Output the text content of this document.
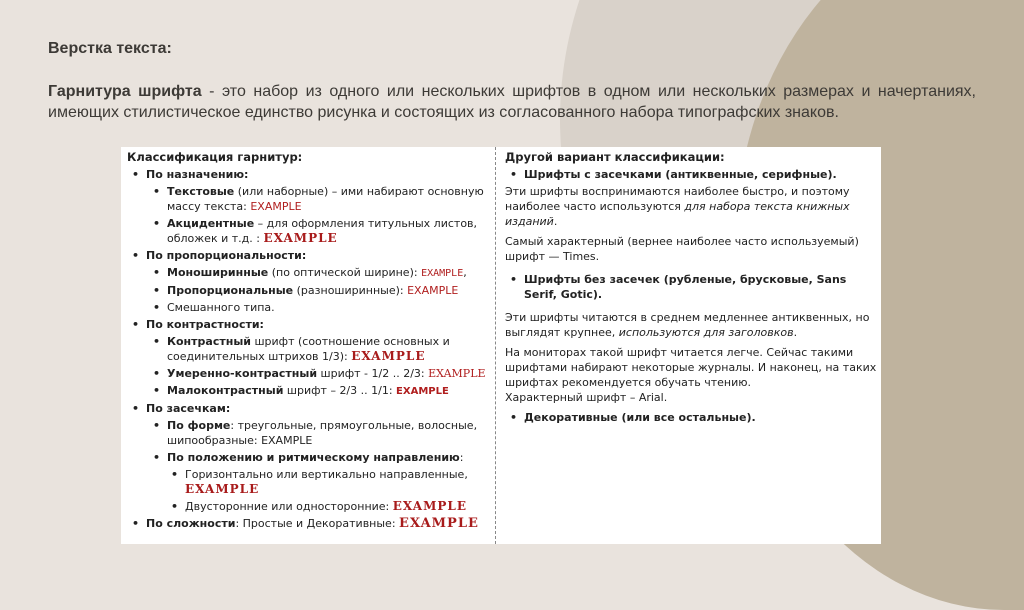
Верстка текста:
Гарнитура шрифта - это набор из одного или нескольких шрифтов в одном или нескольких размерах и начертаниях, имеющих стилистическое единство рисунка и состоящих из согласованного набора типографских знаков.
Классификация гарнитур:
• По назначению:
• Текстовые (или наборные) – ими набирают основную массу текста: EXAMPLE
• Акцидентные – для оформления титульных листов, обложек и т.д. : EXAMPLE
• По пропорциональности:
• Моноширинные (по оптической ширине): EXAMPLE,
• Пропорциональные (разноширинные): EXAMPLE
• Смешанного типа.
• По контрастности:
• Контрастный шрифт (соотношение основных и соединительных штрихов 1/3): EXAMPLE
• Умеренно-контрастный шрифт - 1/2 .. 2/3: EXAMPLE
• Малоконтрастный шрифт – 2/3 .. 1/1: EXAMPLE
• По засечкам:
• По форме: треугольные, прямоугольные, волосные, шипообразные: EXAMPLE
• По положению и ритмическому направлению:
• Горизонтально или вертикально направленные, EXAMPLE
• Двусторонние или односторонние: EXAMPLE
• По сложности: Простые и Декоративные: EXAMPLE
Другой вариант классификации:
• Шрифты с засечками (антиквенные, серифные).
Эти шрифты воспринимаются наиболее быстро, и поэтому наиболее часто используются для набора текста книжных изданий.
Самый характерный (вернее наиболее часто используемый) шрифт — Times.
• Шрифты без засечек (рубленые, брусковые, Sans Serif, Gotic).
Эти шрифты читаются в среднем медленнее антиквенных, но выглядят крупнее, используются для заголовков.
На мониторах такой шрифт читается легче. Сейчас такими шрифтами набирают некоторые журналы. И наконец, на таких шрифтах рекомендуется обучать чтению.
Характерный шрифт – Arial.
• Декоративные (или все остальные).
